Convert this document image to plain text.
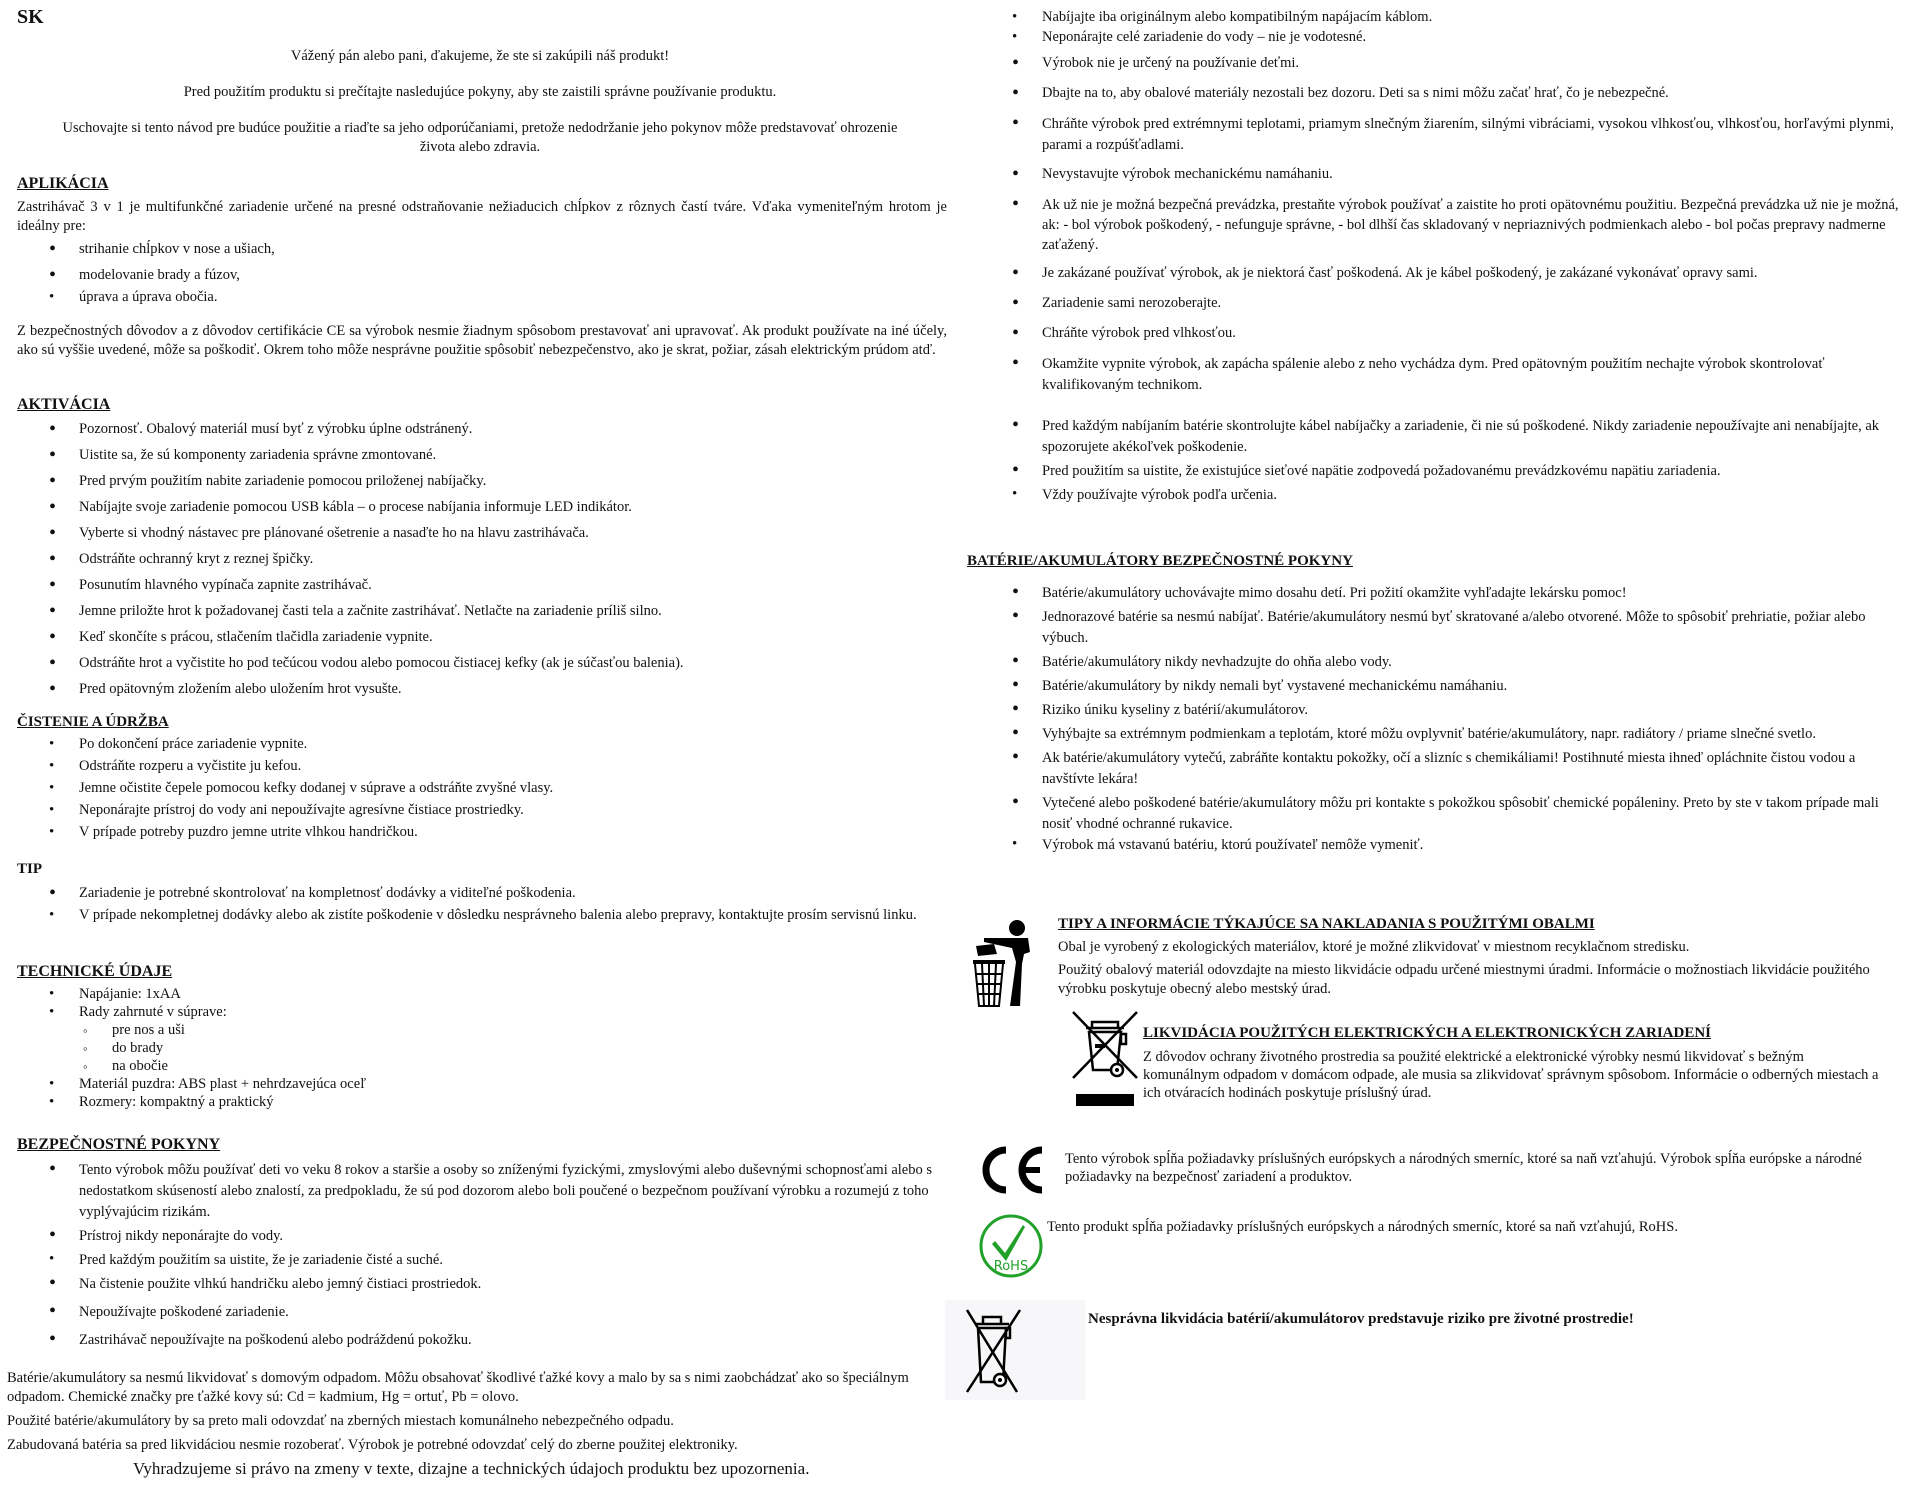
SK
Vážený pán alebo pani, ďakujeme, že ste si zakúpili náš produkt!
Pred použitím produktu si prečítajte nasledujúce pokyny, aby ste zaistili správne používanie produktu.
Uschovajte si tento návod pre budúce použitie a riaďte sa jeho odporúčaniami, pretože nedodržanie jeho pokynov môže predstavovať ohrozenie života alebo zdravia.
APLIKÁCIA
Zastrihávač 3 v 1 je multifunkčné zariadenie určené na presné odstraňovanie nežiaducich chĺpkov z rôznych častí tváre. Vďaka vymeniteľným hrotom je ideálny pre:
• strihanie chĺpkov v nose a ušiach,
• modelovanie brady a fúzov,
• úprava a úprava obočia.
Z bezpečnostných dôvodov a z dôvodov certifikácie CE sa výrobok nesmie žiadnym spôsobom prestavovať ani upravovať. Ak produkt používate na iné účely, ako sú vyššie uvedené, môže sa poškodiť. Okrem toho môže nesprávne použitie spôsobiť nebezpečenstvo, ako je skrat, požiar, zásah elektrickým prúdom atď.
AKTIVÁCIA
• Pozornosť. Obalový materiál musí byť z výrobku úplne odstránený.
• Uistite sa, že sú komponenty zariadenia správne zmontované.
• Pred prvým použitím nabite zariadenie pomocou priloženej nabíjačky.
• Nabíjajte svoje zariadenie pomocou USB kábla – o procese nabíjania informuje LED indikátor.
• Vyberte si vhodný nástavec pre plánované ošetrenie a nasaďte ho na hlavu zastrihávača.
• Odstráňte ochranný kryt z reznej špičky.
• Posunutím hlavného vypínača zapnite zastrihávač.
• Jemne priložte hrot k požadovanej časti tela a začnite zastrihávať. Netlačte na zariadenie príliš silno.
• Keď skončíte s prácou, stlačením tlačidla zariadenie vypnite.
• Odstráňte hrot a vyčistite ho pod tečúcou vodou alebo pomocou čistiacej kefky (ak je súčasťou balenia).
• Pred opätovným zložením alebo uložením hrot vysušte.
ČISTENIE A ÚDRŽBA
• Po dokončení práce zariadenie vypnite.
• Odstráňte rozperu a vyčistite ju kefou.
• Jemne očistite čepele pomocou kefky dodanej v súprave a odstráňte zvyšné vlasy.
• Neponárajte prístroj do vody ani nepoužívajte agresívne čistiace prostriedky.
• V prípade potreby puzdro jemne utrite vlhkou handričkou.
TIP
• Zariadenie je potrebné skontrolovať na kompletnosť dodávky a viditeľné poškodenia.
• V prípade nekompletnej dodávky alebo ak zistíte poškodenie v dôsledku nesprávneho balenia alebo prepravy, kontaktujte prosím servisnú linku.
TECHNICKÉ ÚDAJE
• Napájanie: 1xAA
• Rady zahrnuté v súprave:
◦ pre nos a uši
◦ do brady
◦ na obočie
• Materiál puzdra: ABS plast + nehrdzavejúca oceľ
• Rozmery: kompaktný a praktický
BEZPEČNOSTNÉ POKYNY
• Tento výrobok môžu používať deti vo veku 8 rokov a staršie a osoby so zníženými fyzickými, zmyslovými alebo duševnými schopnosťami alebo s nedostatkom skúseností alebo znalostí, za predpokladu, že sú pod dozorom alebo boli poučené o bezpečnom používaní výrobku a rozumejú z toho vyplývajúcim rizikám.
• Prístroj nikdy neponárajte do vody.
• Pred každým použitím sa uistite, že je zariadenie čisté a suché.
• Na čistenie použite vlhkú handričku alebo jemný čistiaci prostriedok.
• Nepoužívajte poškodené zariadenie.
• Zastrihávač nepoužívajte na poškodenú alebo podráždenú pokožku.
Batérie/akumulátory sa nesmú likvidovať s domovým odpadom. Môžu obsahovať škodlivé ťažké kovy a malo by sa s nimi zaobchádzať ako so špeciálnym odpadom. Chemické značky pre ťažké kovy sú: Cd = kadmium, Hg = ortuť, Pb = olovo.
Použité batérie/akumulátory by sa preto mali odovzdať na zberných miestach komunálneho nebezpečného odpadu.
Zabudovaná batéria sa pred likvidáciou nesmie rozoberať. Výrobok je potrebné odovzdať celý do zberne použitej elektroniky.
Vyhradzujeme si právo na zmeny v texte, dizajne a technických údajoch produktu bez upozornenia.
• Nabíjajte iba originálnym alebo kompatibilným napájacím káblom.
• Neponárajte celé zariadenie do vody – nie je vodotesné.
• Výrobok nie je určený na používanie deťmi.
• Dbajte na to, aby obalové materiály nezostali bez dozoru. Deti sa s nimi môžu začať hrať, čo je nebezpečné.
• Chráňte výrobok pred extrémnymi teplotami, priamym slnečným žiarením, silnými vibráciami, vysokou vlhkosťou, vlhkosťou, horľavými plynmi, parami a rozpúšťadlami.
• Nevystavujte výrobok mechanickému namáhaniu.
• Ak už nie je možná bezpečná prevádzka, prestaňte výrobok používať a zaistite ho proti opätovnému použitiu. Bezpečná prevádzka už nie je možná, ak: - bol výrobok poškodený, - nefunguje správne, - bol dlhší čas skladovaný v nepriaznivých podmienkach alebo - bol počas prepravy nadmerne zaťažený.
• Je zakázané používať výrobok, ak je niektorá časť poškodená. Ak je kábel poškodený, je zakázané vykonávať opravy sami.
• Zariadenie sami nerozoberajte.
• Chráňte výrobok pred vlhkosťou.
• Okamžite vypnite výrobok, ak zapácha spálenie alebo z neho vychádza dym. Pred opätovným použitím nechajte výrobok skontrolovať kvalifikovaným technikom.
• Pred každým nabíjaním batérie skontrolujte kábel nabíjačky a zariadenie, či nie sú poškodené. Nikdy zariadenie nepoužívajte ani nenabíjajte, ak spozorujete akékoľvek poškodenie.
• Pred použitím sa uistite, že existujúce sieťové napätie zodpovedá požadovanému prevádzkovému napätiu zariadenia.
• Vždy používajte výrobok podľa určenia.
BATÉRIE/AKUMULÁTORY BEZPEČNOSTNÉ POKYNY
• Batérie/akumulátory uchovávajte mimo dosahu detí. Pri požití okamžite vyhľadajte lekársku pomoc!
• Jednorazové batérie sa nesmú nabíjať. Batérie/akumulátory nesmú byť skratované a/alebo otvorené. Môže to spôsobiť prehriatie, požiar alebo výbuch.
• Batérie/akumulátory nikdy nevhadzujte do ohňa alebo vody.
• Batérie/akumulátory by nikdy nemali byť vystavené mechanickému namáhaniu.
• Riziko úniku kyseliny z batérií/akumulátorov.
• Vyhýbajte sa extrémnym podmienkam a teplotám, ktoré môžu ovplyvniť batérie/akumulátory, napr. radiátory / priame slnečné svetlo.
• Ak batérie/akumulátory vytečú, zabráňte kontaktu pokožky, očí a slizníc s chemikáliami! Postihnuté miesta ihneď opláchnite čistou vodou a navštívte lekára!
• Vytečené alebo poškodené batérie/akumulátory môžu pri kontakte s pokožkou spôsobiť chemické popáleniny. Preto by ste v takom prípade mali nosiť vhodné ochranné rukavice.
• Výrobok má vstavanú batériu, ktorú používateľ nemôže vymeniť.
TIPY A INFORMÁCIE TÝKAJÚCE SA NAKLADANIA S POUŽITÝMI OBALMI
Obal je vyrobený z ekologických materiálov, ktoré je možné zlikvidovať v miestnom recyklačnom stredisku.
Použitý obalový materiál odovzdajte na miesto likvidácie odpadu určené miestnymi úradmi. Informácie o možnostiach likvidácie použitého výrobku poskytuje obecný alebo mestský úrad.
LIKVIDÁCIA POUŽITÝCH ELEKTRICKÝCH A ELEKTRONICKÝCH ZARIADENÍ
Z dôvodov ochrany životného prostredia sa použité elektrické a elektronické výrobky nesmú likvidovať s bežným komunálnym odpadom v domácom odpade, ale musia sa zlikvidovať správnym spôsobom. Informácie o odberných miestach a ich otváracích hodinách poskytuje príslušný úrad.
Tento výrobok spĺňa požiadavky príslušných európskych a národných smerníc, ktoré sa naň vzťahujú. Výrobok spĺňa európske a národné požiadavky na bezpečnosť zariadení a produktov.
RoHS
Tento produkt spĺňa požiadavky príslušných európskych a národných smerníc, ktoré sa naň vzťahujú, RoHS.
Nesprávna likvidácia batérií/akumulátorov predstavuje riziko pre životné prostredie!
